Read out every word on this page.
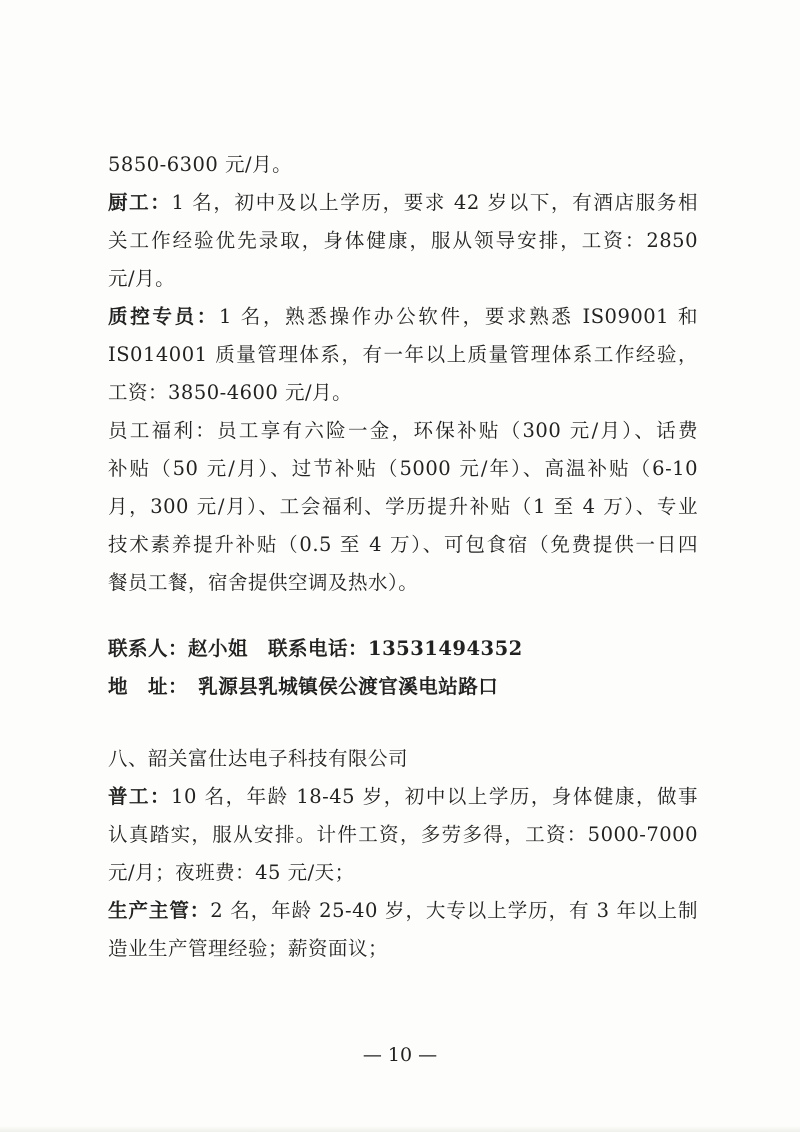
5850-6300 元/月。
厨工：1 名，初中及以上学历，要求 42 岁以下，有酒店服务相
关工作经验优先录取，身体健康，服从领导安排，工资：2850
元/月。
质控专员：1 名，熟悉操作办公软件，要求熟悉 IS09001 和
IS014001 质量管理体系，有一年以上质量管理体系工作经验，
工资：3850-4600 元/月。
员工福利：员工享有六险一金，环保补贴（300 元/月）、话费
补贴（50 元/月）、过节补贴（5000 元/年）、高温补贴（6-10
月，300 元/月）、工会福利、学历提升补贴（1 至 4 万）、专业
技术素养提升补贴（0.5 至 4 万）、可包食宿（免费提供一日四
餐员工餐，宿舍提供空调及热水）。
联系人：赵小姐　联系电话：13531494352
地　址：　乳源县乳城镇侯公渡官溪电站路口
八、韶关富仕达电子科技有限公司
普工：10 名，年龄 18-45 岁，初中以上学历，身体健康，做事
认真踏实，服从安排。计件工资，多劳多得，工资：5000-7000
元/月；夜班费：45 元/天；
生产主管：2 名，年龄 25-40 岁，大专以上学历，有 3 年以上制
造业生产管理经验；薪资面议；
— 10 —
